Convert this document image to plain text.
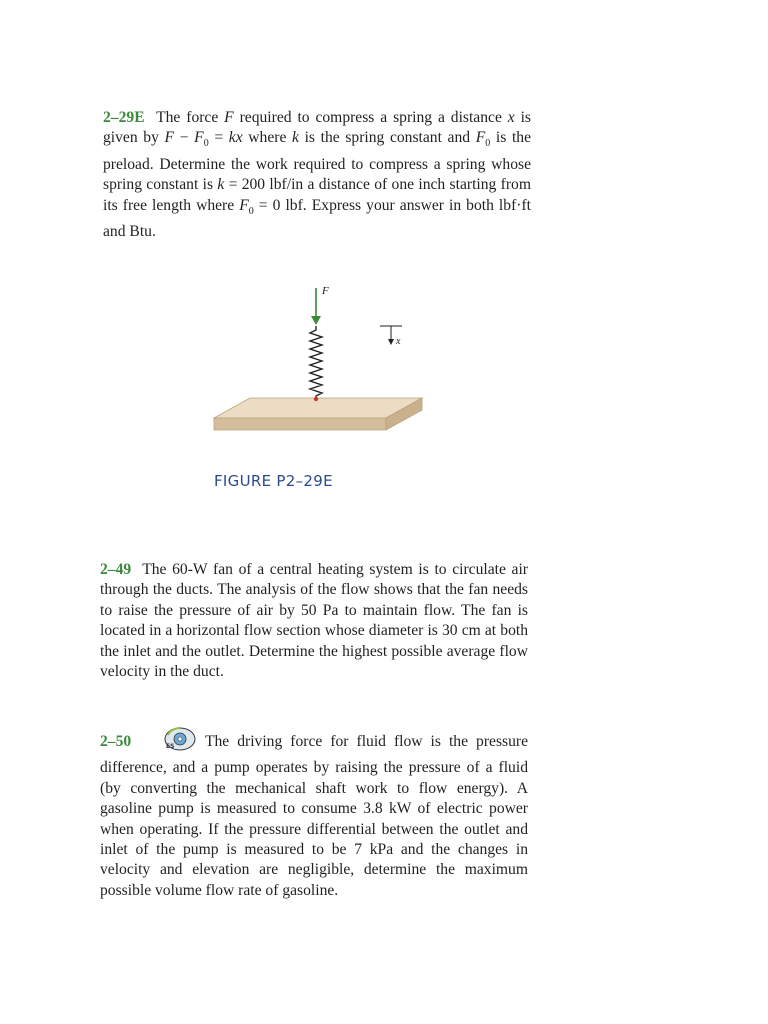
2–29E The force F required to compress a spring a distance x is given by $F - F_0$ = kx where k is the spring constant and $F_0$ is the preload. Determine the work required to compress a spring whose spring constant is k = 200 lbf/in a distance of one inch starting from its free length where $F_0 = 0$ lbf. Express your answer in both lbf·ft and Btu.

F
x
FIGURE P2–29E

2–49 The 60-W fan of a central heating system is to circulate air through the ducts. The analysis of the flow shows that the fan needs to raise the pressure of air by 50 Pa to maintain flow. The fan is located in a horizontal flow section whose diameter is 30 cm at both the inlet and the outlet. Determine the highest possible average flow velocity in the duct.

2–50	ES The driving force for fluid flow is the pressure difference, and a pump operates by raising the pressure of a fluid (by converting the mechanical shaft work to flow energy). A gasoline pump is measured to consume 3.8 kW of electric power when operating. If the pressure differential between the outlet and inlet of the pump is measured to be 7 kPa and the changes in velocity and elevation are negligible, determine the maximum possible volume flow rate of gasoline.
